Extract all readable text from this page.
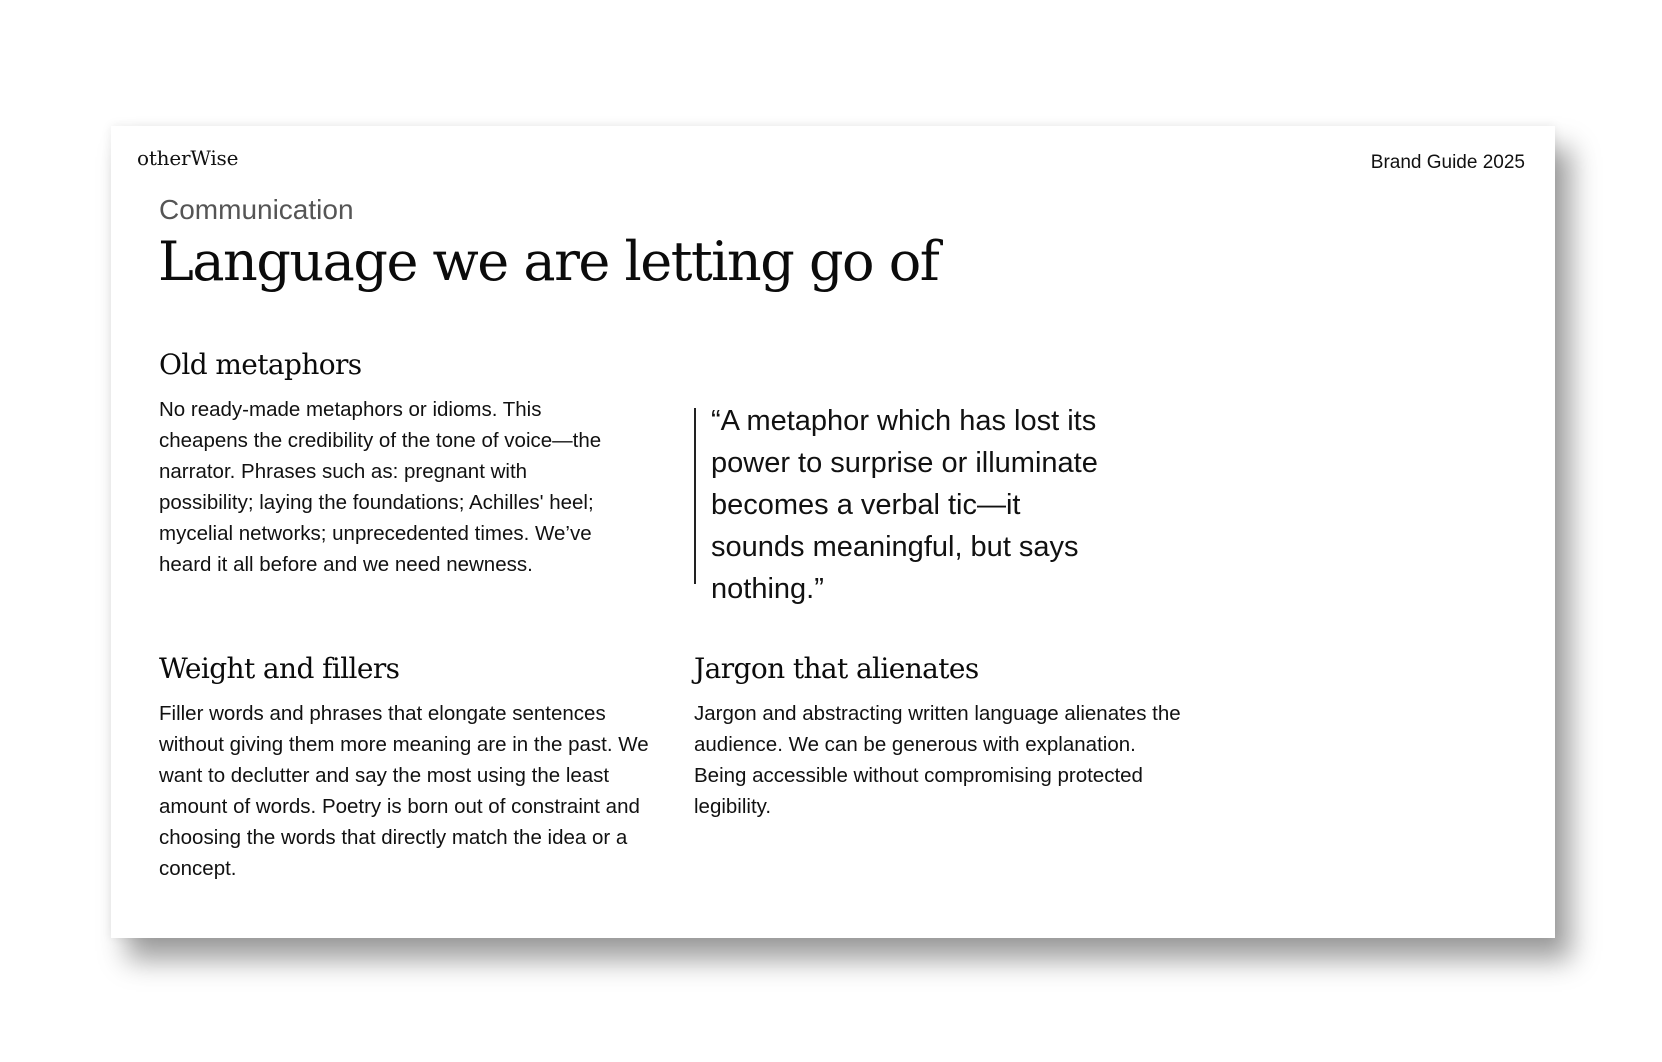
otherWise	Brand Guide 2025
Communication
Language we are letting go of
Old metaphors

No ready-made metaphors or idioms. This cheapens the credibility of the tone of voice—the narrator. Phrases such as: pregnant with possibility; laying the foundations; Achilles' heel; mycelial networks; unprecedented times. We’ve heard it all before and we need newness.

“A metaphor which has lost its power to surprise or illuminate becomes a verbal tic—it sounds meaningful, but says nothing.”

Weight and fillers

Filler words and phrases that elongate sentences without giving them more meaning are in the past. We want to declutter and say the most using the least amount of words. Poetry is born out of constraint and choosing the words that directly match the idea or a concept.

Jargon that alienates

Jargon and abstracting written language alienates the audience. We can be generous with explanation. Being accessible without compromising protected legibility.
